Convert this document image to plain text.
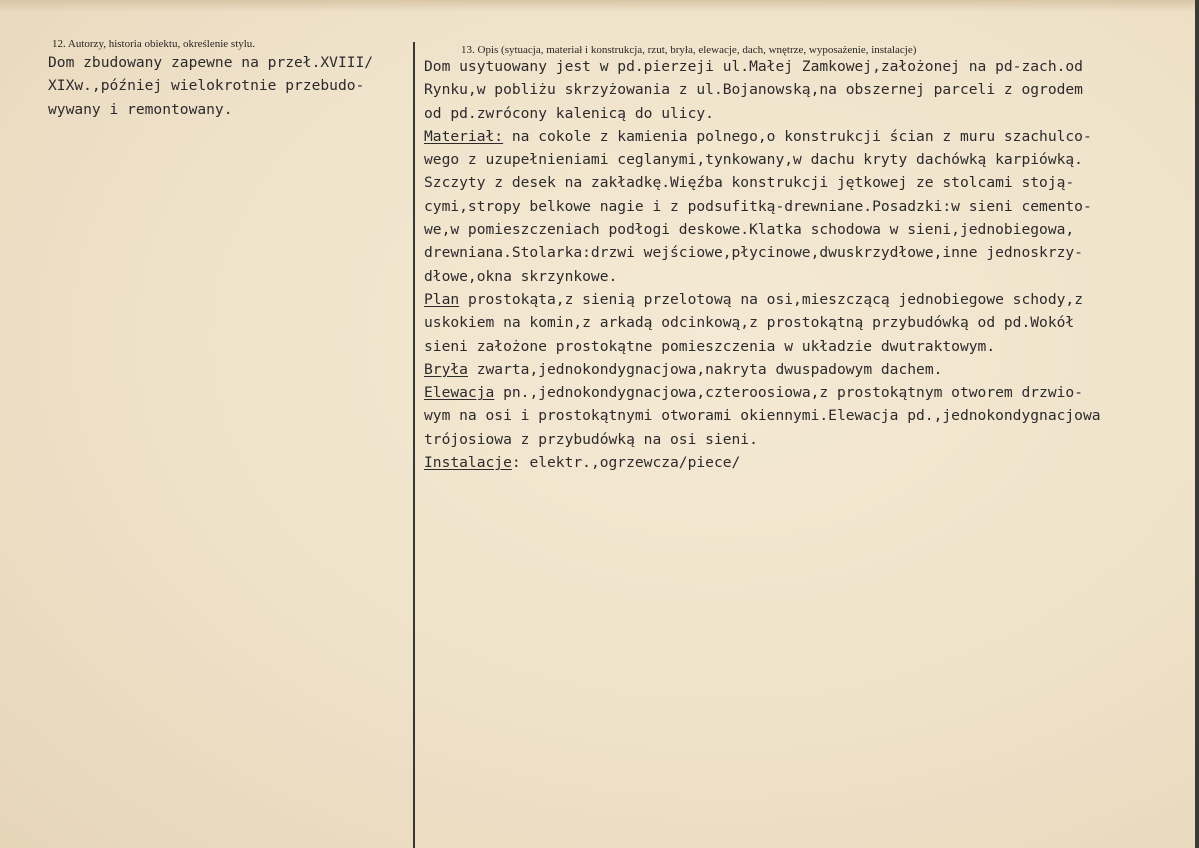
12. Autorzy, historia obiektu, określenie stylu.	13. Opis (sytuacja, materiał i konstrukcja, rzut, bryła, elewacje, dach, wnętrze, wyposażenie, instalacje)
Dom zbudowany zapewne na przeł.XVIII/
XIXw.,później wielokrotnie przebudo-
wywany i remontowany.
Dom usytuowany jest w pd.pierzeji ul.Małej Zamkowej,założonej na pd-zach.od
Rynku,w pobliżu skrzyżowania z ul.Bojanowską,na obszernej parceli z ogrodem
od pd.zwrócony kalenicą do ulicy.
Materiał: na cokole z kamienia polnego,o konstrukcji ścian z muru szachulco-
wego z uzupełnieniami ceglanymi,tynkowany,w dachu kryty dachówką karpiówką.
Szczyty z desek na zakładkę.Więźba konstrukcji jętkowej ze stolcami stoją-
cymi,stropy belkowe nagie i z podsufitką-drewniane.Posadzki:w sieni cemento-
we,w pomieszczeniach podłogi deskowe.Klatka schodowa w sieni,jednobiegowa,
drewniana.Stolarka:drzwi wejściowe,płycinowe,dwuskrzydłowe,inne jednoskrzy-
dłowe,okna skrzynkowe.
Plan prostokąta,z sienią przelotową na osi,mieszczącą jednobiegowe schody,z
uskokiem na komin,z arkadą odcinkową,z prostokątną przybudówką od pd.Wokół
sieni założone prostokątne pomieszczenia w układzie dwutraktowym.
Bryła zwarta,jednokondygnacjowa,nakryta dwuspadowym dachem.
Elewacja pn.,jednokondygnacjowa,czteroosiowa,z prostokątnym otworem drzwio-
wym na osi i prostokątnymi otworami okiennymi.Elewacja pd.,jednokondygnacjowa
trójosiowa z przybudówką na osi sieni.
Instalacje: elektr.,ogrzewcza/piece/
